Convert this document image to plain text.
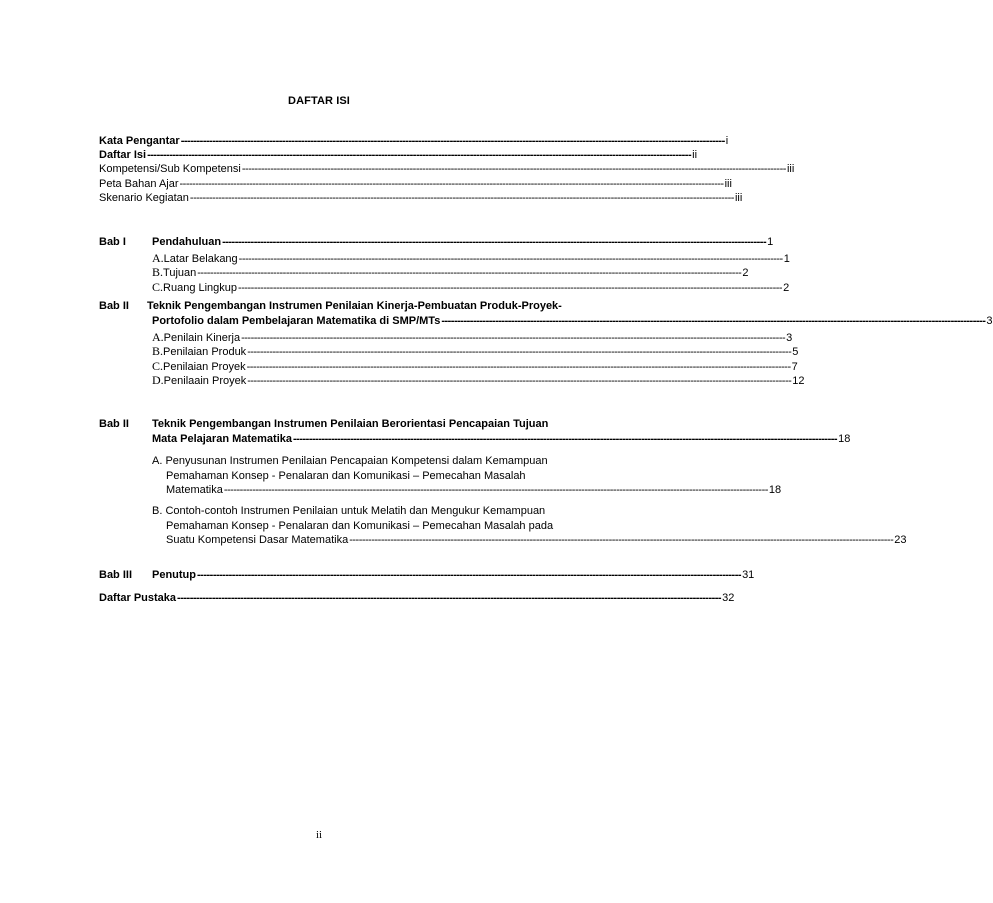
DAFTAR ISI
Kata Pengantar ---------------------------------------------------------------------------------------------------------------------------------------------------------------------------- i
Daftar Isi ---------------------------------------------------------------------------------------------------------------------------------------------------------------------------- ii
Kompetensi/Sub Kompetensi ---------------------------------------------------------------------------------------------------------------------------------------------------------------------------- iii
Peta Bahan Ajar ---------------------------------------------------------------------------------------------------------------------------------------------------------------------------- iii
Skenario Kegiatan ---------------------------------------------------------------------------------------------------------------------------------------------------------------------------- iii
Bab I Pendahuluan ---------------------------------------------------------------------------------------------------------------------------------------------------------------------------- 1
A. Latar Belakang ---------------------------------------------------------------------------------------------------------------------------------------------------------------------------- 1
B. Tujuan ---------------------------------------------------------------------------------------------------------------------------------------------------------------------------- 2
C. Ruang Lingkup ---------------------------------------------------------------------------------------------------------------------------------------------------------------------------- 2
Bab II Teknik Pengembangan Instrumen Penilaian Kinerja-Pembuatan Produk-Proyek-
Portofolio dalam Pembelajaran Matematika di SMP/MTs ---------------------------------------------------------------------------------------------------------------------------------------------------------------------------- 3
A. Penilain Kinerja ---------------------------------------------------------------------------------------------------------------------------------------------------------------------------- 3
B. Penilaian Produk ---------------------------------------------------------------------------------------------------------------------------------------------------------------------------- 5
C. Penilaian Proyek ---------------------------------------------------------------------------------------------------------------------------------------------------------------------------- 7
D. Penilaain Proyek ---------------------------------------------------------------------------------------------------------------------------------------------------------------------------- 12
Bab II Teknik Pengembangan Instrumen Penilaian Berorientasi Pencapaian Tujuan
Mata Pelajaran Matematika ---------------------------------------------------------------------------------------------------------------------------------------------------------------------------- 18
A. Penyusunan Instrumen Penilaian Pencapaian Kompetensi dalam Kemampuan
Pemahaman Konsep - Penalaran dan Komunikasi – Pemecahan Masalah
Matematika ---------------------------------------------------------------------------------------------------------------------------------------------------------------------------- 18
B. Contoh-contoh Instrumen Penilaian untuk Melatih dan Mengukur Kemampuan
Pemahaman Konsep - Penalaran dan Komunikasi – Pemecahan Masalah pada
Suatu Kompetensi Dasar Matematika ---------------------------------------------------------------------------------------------------------------------------------------------------------------------------- 23
Bab III Penutup ---------------------------------------------------------------------------------------------------------------------------------------------------------------------------- 31
Daftar Pustaka ---------------------------------------------------------------------------------------------------------------------------------------------------------------------------- 32
ii
